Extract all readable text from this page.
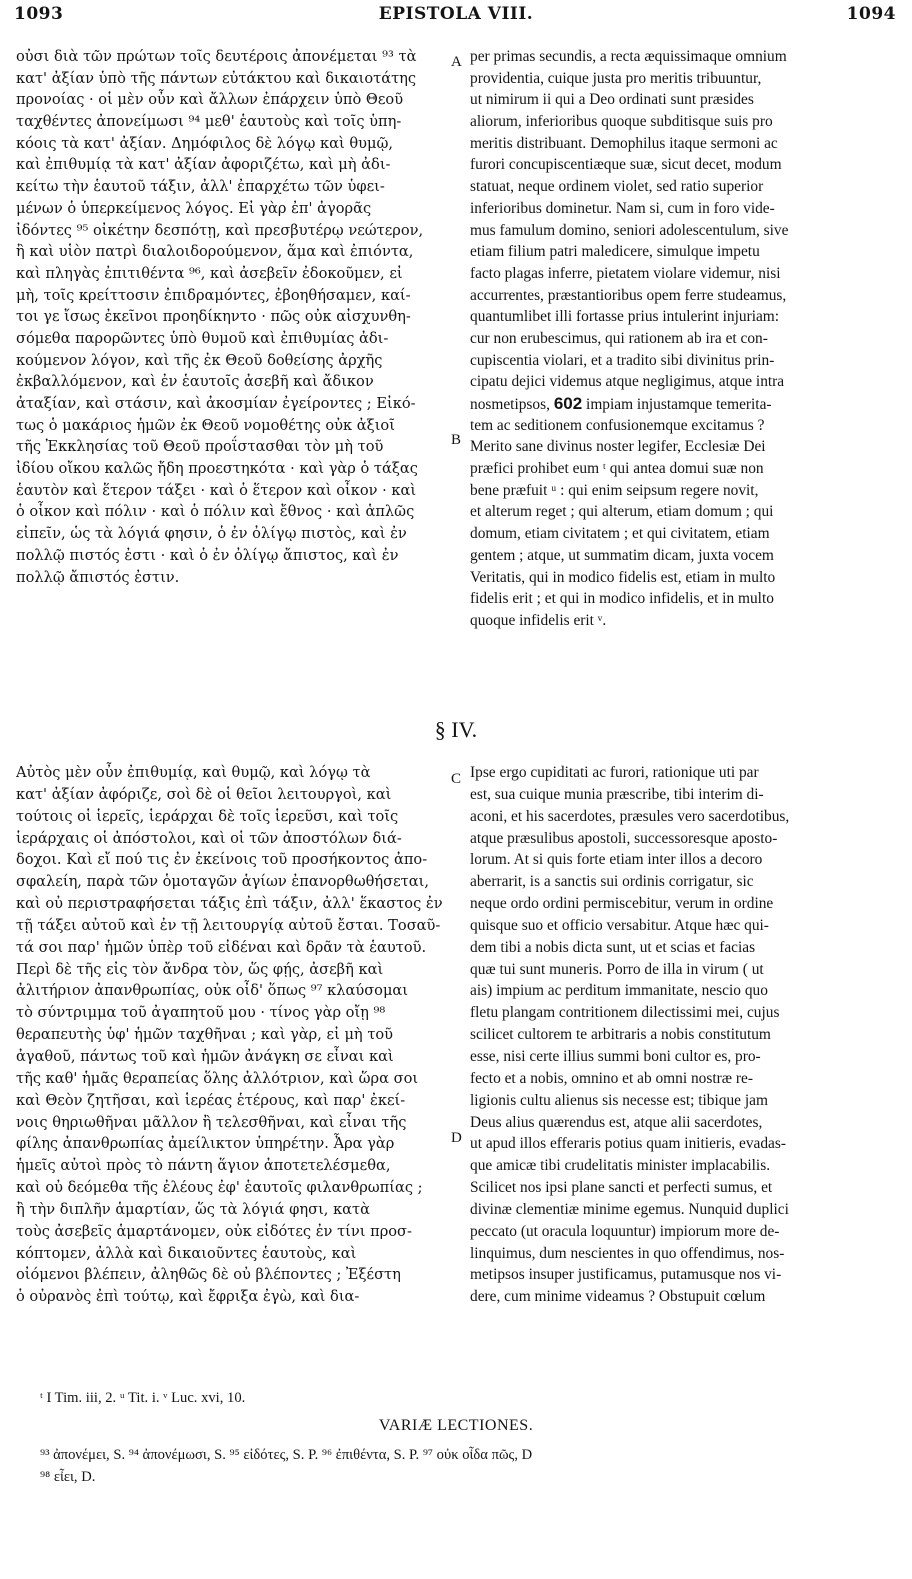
1093	EPISTOLA VIII.	1094
A
B
C
D
οὐσι διὰ τῶν πρώτων τοῖς δευτέροις ἀπονέμεται ⁹³ τὰ
κατ' ἀξίαν ὑπὸ τῆς πάντων εὐτάκτου καὶ δικαιοτάτης
προνοίας · οἱ μὲν οὖν καὶ ἄλλων ἐπάρχειν ὑπὸ Θεοῦ
ταχθέντες ἀπονείμωσι ⁹⁴ μεθ' ἑαυτοὺς καὶ τοῖς ὑπη-
κόοις τὰ κατ' ἀξίαν. Δημόφιλος δὲ λόγῳ καὶ θυμῷ,
καὶ ἐπιθυμίᾳ τὰ κατ' ἀξίαν ἀφοριζέτω, καὶ μὴ ἀδι-
κείτω τὴν ἑαυτοῦ τάξιν, ἀλλ' ἐπαρχέτω τῶν ὑφει-
μένων ὁ ὑπερκείμενος λόγος. Εἰ γὰρ ἐπ' ἀγορᾶς
ἰδόντες ⁹⁵ οἰκέτην δεσπότῃ, καὶ πρεσβυτέρῳ νεώτερον,
ἢ καὶ υἱὸν πατρὶ διαλοιδορούμενον, ἅμα καὶ ἐπιόντα,
καὶ πληγὰς ἐπιτιθέντα ⁹⁶, καὶ ἀσεβεῖν ἐδοκοῦμεν, εἰ
μὴ, τοῖς κρείττοσιν ἐπιδραμόντες, ἐβοηθήσαμεν, καί-
τοι γε ἴσως ἐκεῖνοι προηδίκηντο · πῶς οὐκ αἰσχυνθη-
σόμεθα παρορῶντες ὑπὸ θυμοῦ καὶ ἐπιθυμίας ἀδι-
κούμενον λόγον, καὶ τῆς ἐκ Θεοῦ δοθείσης ἀρχῆς
ἐκβαλλόμενον, καὶ ἐν ἑαυτοῖς ἀσεβῆ καὶ ἄδικον
ἀταξίαν, καὶ στάσιν, καὶ ἀκοσμίαν ἐγείροντες ; Εἰκό-
τως ὁ μακάριος ἡμῶν ἐκ Θεοῦ νομοθέτης οὐκ ἀξιοῖ
τῆς Ἐκκλησίας τοῦ Θεοῦ προΐστασθαι τὸν μὴ τοῦ
ἰδίου οἴκου καλῶς ἤδη προεστηκότα · καὶ γὰρ ὁ τάξας
ἑαυτὸν καὶ ἕτερον τάξει · καὶ ὁ ἕτερον καὶ οἶκον · καὶ
ὁ οἶκον καὶ πόλιν · καὶ ὁ πόλιν καὶ ἔθνος · καὶ ἁπλῶς
εἰπεῖν, ὡς τὰ λόγιά φησιν, ὁ ἐν ὀλίγῳ πιστὸς, καὶ ἐν
πολλῷ πιστός ἐστι · καὶ ὁ ἐν ὀλίγῳ ἄπιστος, καὶ ἐν
πολλῷ ἄπιστός ἐστιν.
per primas secundis, a recta æquissimaque omnium
providentia, cuique justa pro meritis tribuuntur,
ut nimirum ii qui a Deo ordinati sunt præsides
aliorum, inferioribus quoque subditisque suis pro
meritis distribuant. Demophilus itaque sermoni ac
furori concupiscentiæque suæ, sicut decet, modum
statuat, neque ordinem violet, sed ratio superior
inferioribus dominetur. Nam si, cum in foro vide-
mus famulum domino, seniori adolescentulum, sive
etiam filium patri maledicere, simulque impetu
facto plagas inferre, pietatem violare videmur, nisi
accurrentes, præstantioribus opem ferre studeamus,
quantumlibet illi fortasse prius intulerint injuriam:
cur non erubescimus, qui rationem ab ira et con-
cupiscentia violari, et a tradito sibi divinitus prin-
cipatu dejici videmus atque negligimus, atque intra
nosmetipsos, 602 impiam injustamque temerita-
tem ac seditionem confusionemque excitamus ?
Merito sane divinus noster legifer, Ecclesiæ Dei
præfici prohibet eum ᵗ qui antea domui suæ non
bene præfuit ᵘ : qui enim seipsum regere novit,
et alterum reget ; qui alterum, etiam domum ; qui
domum, etiam civitatem ; et qui civitatem, etiam
gentem ; atque, ut summatim dicam, juxta vocem
Veritatis, qui in modico fidelis est, etiam in multo
fidelis erit ; et qui in modico infidelis, et in multo
quoque infidelis erit ᵛ.
§ IV.
Αὐτὸς μὲν οὖν ἐπιθυμίᾳ, καὶ θυμῷ, καὶ λόγῳ τὰ
κατ' ἀξίαν ἀφόριζε, σοὶ δὲ οἱ θεῖοι λειτουργοὶ, καὶ
τούτοις οἱ ἱερεῖς, ἱεράρχαι δὲ τοῖς ἱερεῦσι, καὶ τοῖς
ἱεράρχαις οἱ ἀπόστολοι, καὶ οἱ τῶν ἀποστόλων διά-
δοχοι. Καὶ εἴ πού τις ἐν ἐκείνοις τοῦ προσήκοντος ἀπο-
σφαλείη, παρὰ τῶν ὁμοταγῶν ἁγίων ἐπανορθωθήσεται,
καὶ οὐ περιστραφήσεται τάξις ἐπὶ τάξιν, ἀλλ' ἕκαστος ἐν
τῇ τάξει αὐτοῦ καὶ ἐν τῇ λειτουργίᾳ αὐτοῦ ἔσται. Τοσαῦ-
τά σοι παρ' ἡμῶν ὑπὲρ τοῦ εἰδέναι καὶ δρᾶν τὰ ἑαυτοῦ.
Περὶ δὲ τῆς εἰς τὸν ἄνδρα τὸν, ὥς φῄς, ἀσεβῆ καὶ
ἀλιτήριον ἀπανθρωπίας, οὐκ οἶδ' ὅπως ⁹⁷ κλαύσομαι
τὸ σύντριμμα τοῦ ἀγαπητοῦ μου · τίνος γὰρ οἴῃ ⁹⁸
θεραπευτὴς ὑφ' ἡμῶν ταχθῆναι ; καὶ γὰρ, εἰ μὴ τοῦ
ἀγαθοῦ, πάντως τοῦ καὶ ἡμῶν ἀνάγκη σε εἶναι καὶ
τῆς καθ' ἡμᾶς θεραπείας ὅλης ἀλλότριον, καὶ ὥρα σοι
καὶ Θεὸν ζητῆσαι, καὶ ἱερέας ἑτέρους, καὶ παρ' ἐκεί-
νοις θηριωθῆναι μᾶλλον ἢ τελεσθῆναι, καὶ εἶναι τῆς
φίλης ἀπανθρωπίας ἀμείλικτον ὑπηρέτην. Ἆρα γὰρ
ἡμεῖς αὐτοὶ πρὸς τὸ πάντη ἅγιον ἀποτετελέσμεθα,
καὶ οὐ δεόμεθα τῆς ἐλέους ἐφ' ἑαυτοῖς φιλανθρωπίας ;
ἢ τὴν διπλῆν ἁμαρτίαν, ὥς τὰ λόγιά φησι, κατὰ
τοὺς ἀσεβεῖς ἁμαρτάνομεν, οὐκ εἰδότες ἐν τίνι προσ-
κόπτομεν, ἀλλὰ καὶ δικαιοῦντες ἑαυτοὺς, καὶ
οἰόμενοι βλέπειν, ἀληθῶς δὲ οὐ βλέποντες ; Ἐξέστη
ὁ οὐρανὸς ἐπὶ τούτῳ, καὶ ἔφριξα ἐγὼ, καὶ δια-
Ipse ergo cupiditati ac furori, rationique uti par
est, sua cuique munia præscribe, tibi interim di-
aconi, et his sacerdotes, præsules vero sacerdotibus,
atque præsulibus apostoli, successoresque aposto-
lorum. At si quis forte etiam inter illos a decoro
aberrarit, is a sanctis sui ordinis corrigatur, sic
neque ordo ordini permiscebitur, verum in ordine
quisque suo et officio versabitur. Atque hæc qui-
dem tibi a nobis dicta sunt, ut et scias et facias
quæ tui sunt muneris. Porro de illa in virum ( ut
ais) impium ac perditum immanitate, nescio quo
fletu plangam contritionem dilectissimi mei, cujus
scilicet cultorem te arbitraris a nobis constitutum
esse, nisi certe illius summi boni cultor es, pro-
fecto et a nobis, omnino et ab omni nostræ re-
ligionis cultu alienus sis necesse est; tibique jam
Deus alius quærendus est, atque alii sacerdotes,
ut apud illos efferaris potius quam initieris, evadas-
que amicæ tibi crudelitatis minister implacabilis.
Scilicet nos ipsi plane sancti et perfecti sumus, et
divinæ clementiæ minime egemus. Nunquid duplici
peccato (ut oracula loquuntur) impiorum more de-
linquimus, dum nescientes in quo offendimus, nos-
metipsos insuper justificamus, putamusque nos vi-
dere, cum minime videamus ? Obstupuit cœlum
ᵗ I Tim. iii, 2. ᵘ Tit. i. ᵛ Luc. xvi, 10.
VARIÆ LECTIONES.
⁹³ ἀπονέμει, S. ⁹⁴ ἀπονέμωσι, S. ⁹⁵ εἰδότες, S. P. ⁹⁶ ἐπιθέντα, S. P. ⁹⁷ οὐκ οἶδα πῶς, D
⁹⁸ εἶει, D.
